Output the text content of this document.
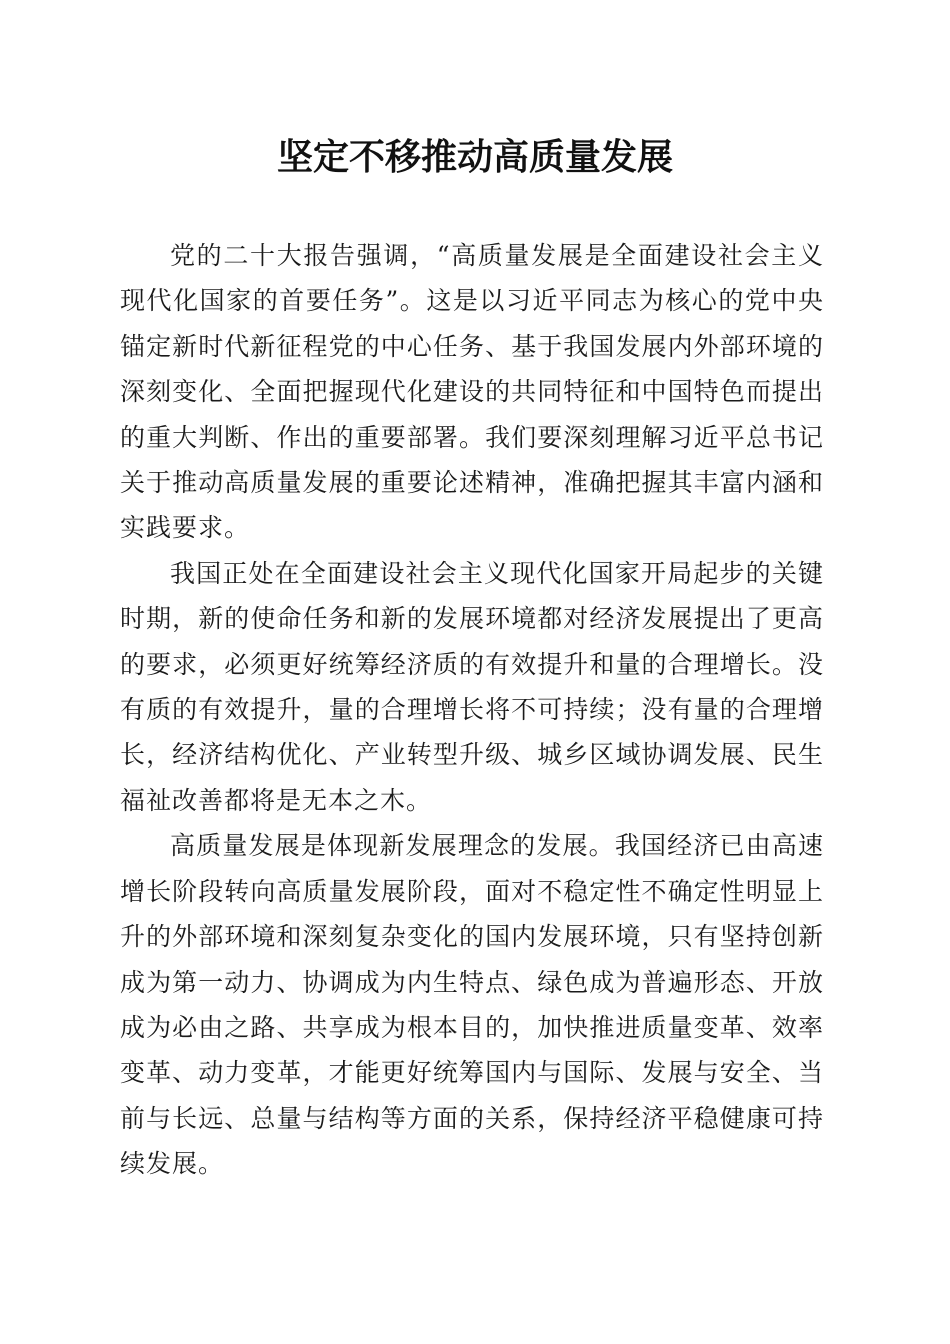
坚定不移推动高质量发展

党的二十大报告强调，“高质量发展是全面建设社会主义现代化国家的首要任务”。这是以习近平同志为核心的党中央锚定新时代新征程党的中心任务、基于我国发展内外部环境的深刻变化、全面把握现代化建设的共同特征和中国特色而提出的重大判断、作出的重要部署。我们要深刻理解习近平总书记关于推动高质量发展的重要论述精神，准确把握其丰富内涵和实践要求。

我国正处在全面建设社会主义现代化国家开局起步的关键时期，新的使命任务和新的发展环境都对经济发展提出了更高的要求，必须更好统筹经济质的有效提升和量的合理增长。没有质的有效提升，量的合理增长将不可持续；没有量的合理增长，经济结构优化、产业转型升级、城乡区域协调发展、民生福祉改善都将是无本之木。

高质量发展是体现新发展理念的发展。我国经济已由高速增长阶段转向高质量发展阶段，面对不稳定性不确定性明显上升的外部环境和深刻复杂变化的国内发展环境，只有坚持创新成为第一动力、协调成为内生特点、绿色成为普遍形态、开放成为必由之路、共享成为根本目的，加快推进质量变革、效率变革、动力变革，才能更好统筹国内与国际、发展与安全、当前与长远、总量与结构等方面的关系，保持经济平稳健康可持续发展。
